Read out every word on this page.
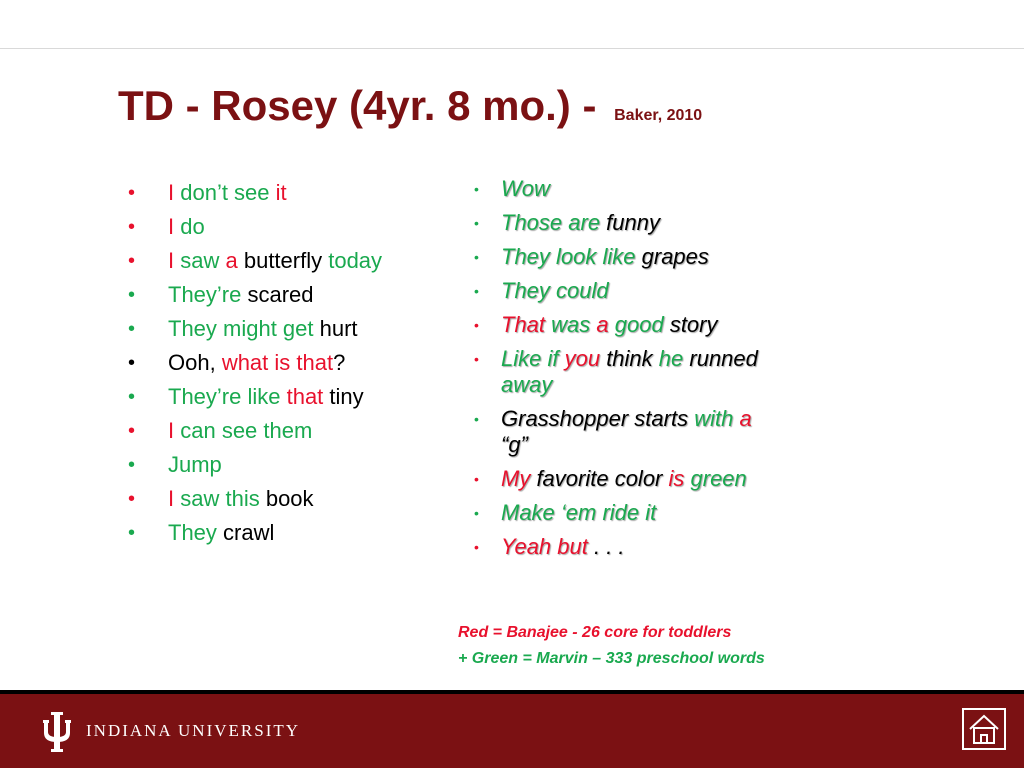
TD - Rosey (4yr. 8 mo.) - Baker, 2010
• I don’t see it
• I do
• I saw a butterfly today
• They’re scared
• They might get hurt
• Ooh, what is that?
• They’re like that tiny
• I can see them
• Jump
• I saw this book
• They crawl
• Wow
• Those are funny
• They look like grapes
• They could
• That was a good story
• Like if you think he runned away
• Grasshopper starts with a “g”
• My favorite color is green
• Make ‘em ride it
• Yeah but . . .
Red = Banajee - 26 core for toddlers
+ Green = Marvin – 333 preschool words
INDIANA UNIVERSITY
